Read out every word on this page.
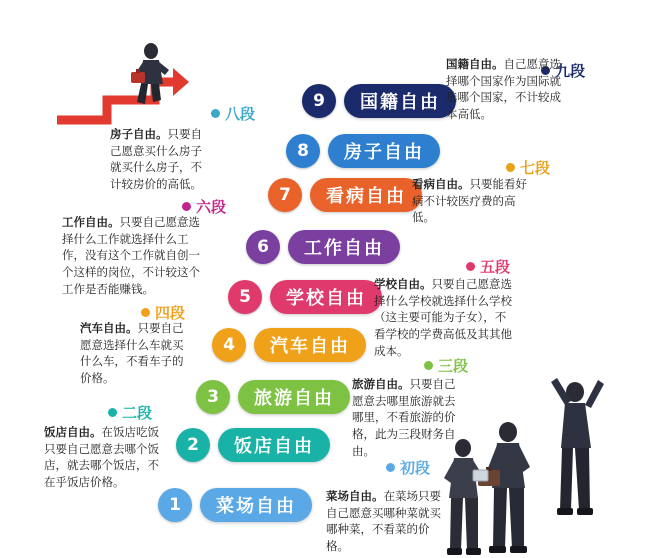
9	国籍自由
8	房子自由
7	看病自由
6	工作自由
5	学校自由
4	汽车自由
3	旅游自由
2	饭店自由
1	菜场自由
九段
八段
七段
六段
五段
四段
三段
二段
初段
国籍自由。自己愿意选择哪个国家作为国际就选哪个国家，不计较成本高低。
房子自由。只要自己愿意买什么房子就买什么房子，不计较房价的高低。	看病自由。只要能看好病不计较医疗费的高低。
工作自由。只要自己愿意选择什么工作就选择什么工作，没有这个工作就自创一个这样的岗位，不计较这个工作是否能赚钱。	学校自由。只要自己愿意选择什么学校就选择什么学校（这主要可能为子女），不看学校的学费高低及其其他成本。
汽车自由。只要自己愿意选择什么车就买什么车，不看车子的价格。	旅游自由。只要自己愿意去哪里旅游就去哪里，不看旅游的价格，此为三段财务自由。
饭店自由。在饭店吃饭只要自己愿意去哪个饭店，就去哪个饭店，不在乎饭店价格。
菜场自由。在菜场只要自己愿意买哪种菜就买哪种菜，不看菜的价格。
